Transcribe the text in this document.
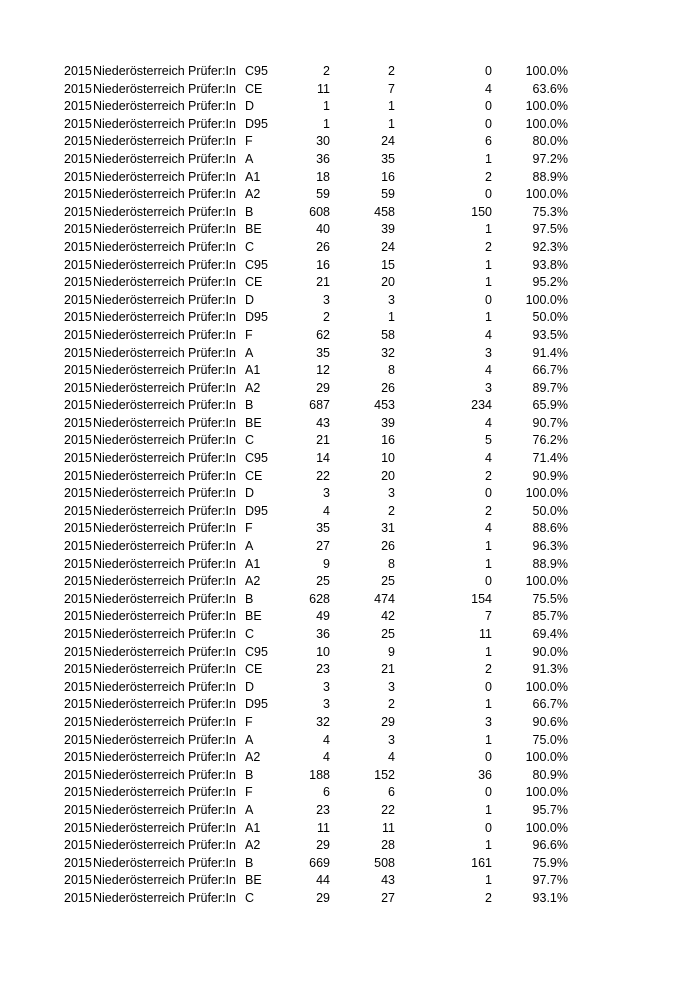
2015 Niederösterreich Prüfer:In C95	2	2	0	100.0%
2015 Niederösterreich Prüfer:In CE	11	7	4	63.6%
2015 Niederösterreich Prüfer:In D	1	1	0	100.0%
2015 Niederösterreich Prüfer:In D95	1	1	0	100.0%
2015 Niederösterreich Prüfer:In F	30	24	6	80.0%
2015 Niederösterreich Prüfer:In A	36	35	1	97.2%
2015 Niederösterreich Prüfer:In A1	18	16	2	88.9%
2015 Niederösterreich Prüfer:In A2	59	59	0	100.0%
2015 Niederösterreich Prüfer:In B	608	458	150	75.3%
2015 Niederösterreich Prüfer:In BE	40	39	1	97.5%
2015 Niederösterreich Prüfer:In C	26	24	2	92.3%
2015 Niederösterreich Prüfer:In C95	16	15	1	93.8%
2015 Niederösterreich Prüfer:In CE	21	20	1	95.2%
2015 Niederösterreich Prüfer:In D	3	3	0	100.0%
2015 Niederösterreich Prüfer:In D95	2	1	1	50.0%
2015 Niederösterreich Prüfer:In F	62	58	4	93.5%
2015 Niederösterreich Prüfer:In A	35	32	3	91.4%
2015 Niederösterreich Prüfer:In A1	12	8	4	66.7%
2015 Niederösterreich Prüfer:In A2	29	26	3	89.7%
2015 Niederösterreich Prüfer:In B	687	453	234	65.9%
2015 Niederösterreich Prüfer:In BE	43	39	4	90.7%
2015 Niederösterreich Prüfer:In C	21	16	5	76.2%
2015 Niederösterreich Prüfer:In C95	14	10	4	71.4%
2015 Niederösterreich Prüfer:In CE	22	20	2	90.9%
2015 Niederösterreich Prüfer:In D	3	3	0	100.0%
2015 Niederösterreich Prüfer:In D95	4	2	2	50.0%
2015 Niederösterreich Prüfer:In F	35	31	4	88.6%
2015 Niederösterreich Prüfer:In A	27	26	1	96.3%
2015 Niederösterreich Prüfer:In A1	9	8	1	88.9%
2015 Niederösterreich Prüfer:In A2	25	25	0	100.0%
2015 Niederösterreich Prüfer:In B	628	474	154	75.5%
2015 Niederösterreich Prüfer:In BE	49	42	7	85.7%
2015 Niederösterreich Prüfer:In C	36	25	11	69.4%
2015 Niederösterreich Prüfer:In C95	10	9	1	90.0%
2015 Niederösterreich Prüfer:In CE	23	21	2	91.3%
2015 Niederösterreich Prüfer:In D	3	3	0	100.0%
2015 Niederösterreich Prüfer:In D95	3	2	1	66.7%
2015 Niederösterreich Prüfer:In F	32	29	3	90.6%
2015 Niederösterreich Prüfer:In A	4	3	1	75.0%
2015 Niederösterreich Prüfer:In A2	4	4	0	100.0%
2015 Niederösterreich Prüfer:In B	188	152	36	80.9%
2015 Niederösterreich Prüfer:In F	6	6	0	100.0%
2015 Niederösterreich Prüfer:In A	23	22	1	95.7%
2015 Niederösterreich Prüfer:In A1	11	11	0	100.0%
2015 Niederösterreich Prüfer:In A2	29	28	1	96.6%
2015 Niederösterreich Prüfer:In B	669	508	161	75.9%
2015 Niederösterreich Prüfer:In BE	44	43	1	97.7%
2015 Niederösterreich Prüfer:In C	29	27	2	93.1%
